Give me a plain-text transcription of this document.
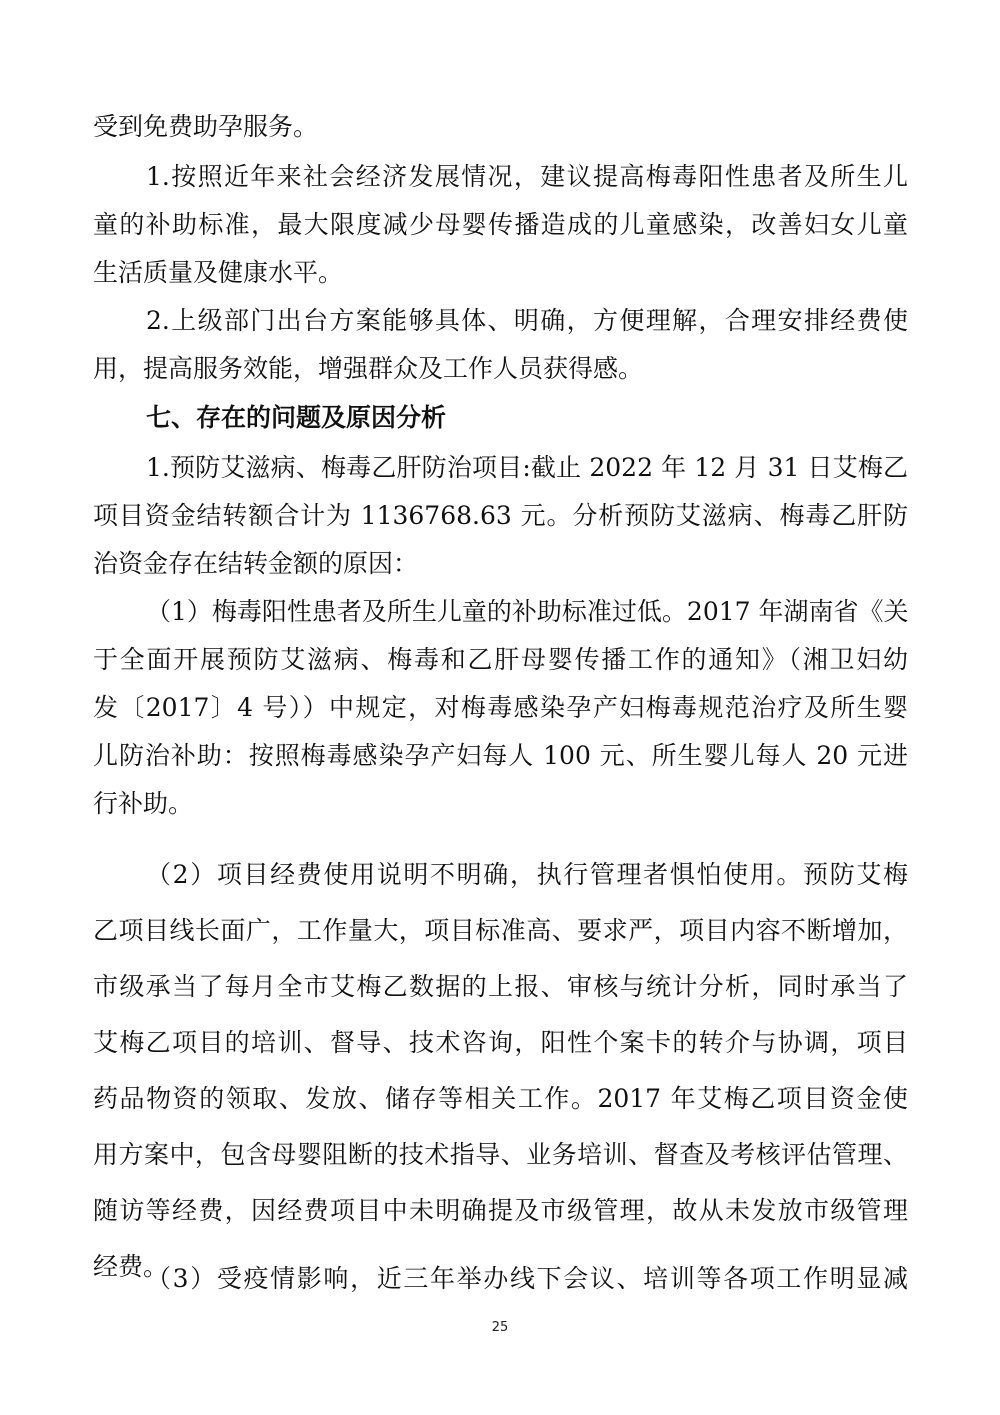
受到免费助孕服务。
1.按照近年来社会经济发展情况，建议提高梅毒阳性患者及所生儿
童的补助标准，最大限度减少母婴传播造成的儿童感染，改善妇女儿童
生活质量及健康水平。
2.上级部门出台方案能够具体、明确，方便理解，合理安排经费使
用，提高服务效能，增强群众及工作人员获得感。
七、存在的问题及原因分析
1.预防艾滋病、梅毒乙肝防治项目:截止 2022 年 12 月 31 日艾梅乙
项目资金结转额合计为 1136768.63 元。分析预防艾滋病、梅毒乙肝防
治资金存在结转金额的原因：
（1）梅毒阳性患者及所生儿童的补助标准过低。2017 年湖南省《关
于全面开展预防艾滋病、梅毒和乙肝母婴传播工作的通知》（湘卫妇幼
发〔2017〕4 号））中规定，对梅毒感染孕产妇梅毒规范治疗及所生婴
儿防治补助：按照梅毒感染孕产妇每人 100 元、所生婴儿每人 20 元进
行补助。
（2）项目经费使用说明不明确，执行管理者惧怕使用。预防艾梅
乙项目线长面广，工作量大，项目标准高、要求严，项目内容不断增加，
市级承当了每月全市艾梅乙数据的上报、审核与统计分析，同时承当了
艾梅乙项目的培训、督导、技术咨询，阳性个案卡的转介与协调，项目
药品物资的领取、发放、储存等相关工作。2017 年艾梅乙项目资金使
用方案中，包含母婴阻断的技术指导、业务培训、督查及考核评估管理、
随访等经费，因经费项目中未明确提及市级管理，故从未发放市级管理
经费。
（3）受疫情影响，近三年举办线下会议、培训等各项工作明显减
25
